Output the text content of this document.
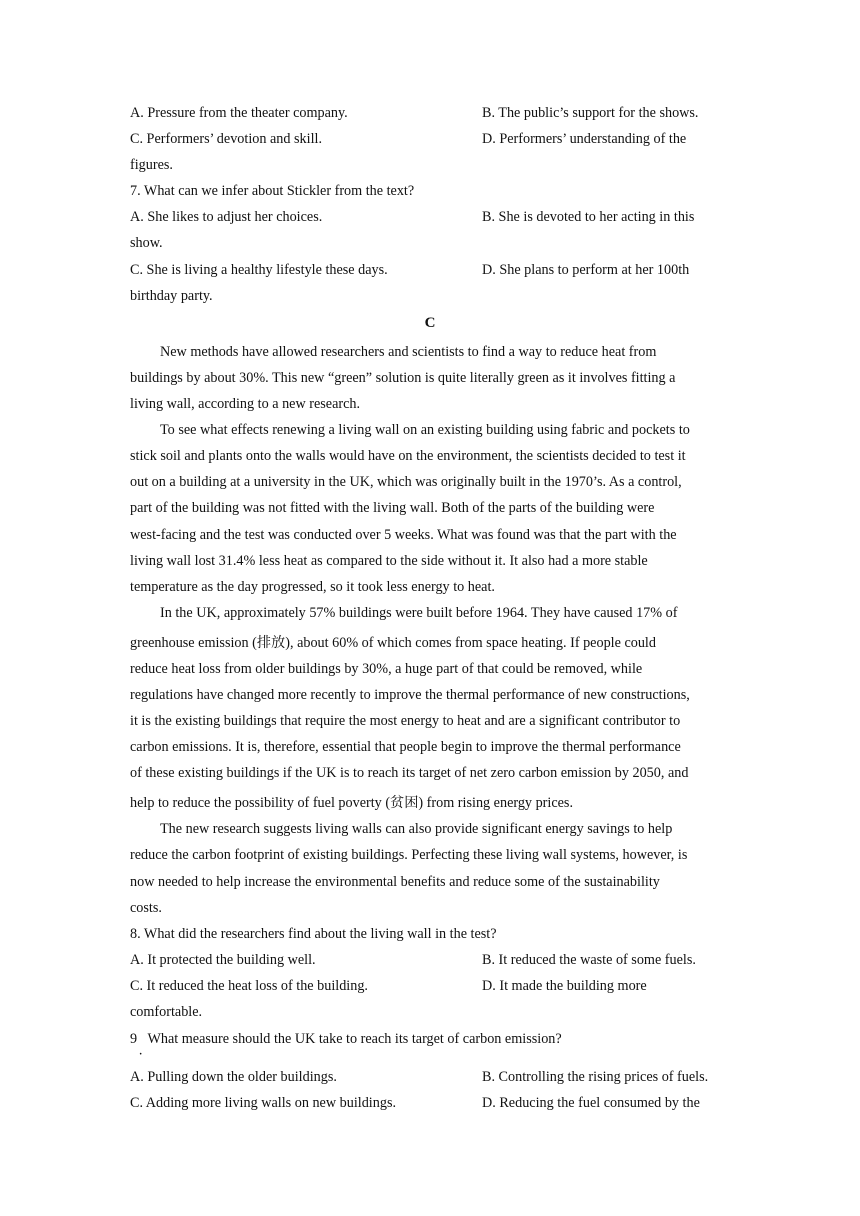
A. Pressure from the theater company.	B. The public’s support for the shows.
C. Performers’ devotion and skill.	D. Performers’ understanding of the
figures.
7. What can we infer about Stickler from the text?
A. She likes to adjust her choices.	B. She is devoted to her acting in this
show.
C. She is living a healthy lifestyle these days.	D. She plans to perform at her 100th
birthday party.
C
New methods have allowed researchers and scientists to find a way to reduce heat from
buildings by about 30%. This new “green” solution is quite literally green as it involves fitting a
living wall, according to a new research.
To see what effects renewing a living wall on an existing building using fabric and pockets to
stick soil and plants onto the walls would have on the environment, the scientists decided to test it
out on a building at a university in the UK, which was originally built in the 1970’s. As a control,
part of the building was not fitted with the living wall. Both of the parts of the building were
west-facing and the test was conducted over 5 weeks. What was found was that the part with the
living wall lost 31.4% less heat as compared to the side without it. It also had a more stable
temperature as the day progressed, so it took less energy to heat.
In the UK, approximately 57% buildings were built before 1964. They have caused 17% of
greenhouse emission (排放), about 60% of which comes from space heating. If people could
reduce heat loss from older buildings by 30%, a huge part of that could be removed, while
regulations have changed more recently to improve the thermal performance of new constructions,
it is the existing buildings that require the most energy to heat and are a significant contributor to
carbon emissions. It is, therefore, essential that people begin to improve the thermal performance
of these existing buildings if the UK is to reach its target of net zero carbon emission by 2050, and
help to reduce the possibility of fuel poverty (贫困) from rising energy prices.
The new research suggests living walls can also provide significant energy savings to help
reduce the carbon footprint of existing buildings. Perfecting these living wall systems, however, is
now needed to help increase the environmental benefits and reduce some of the sustainability
costs.
8. What did the researchers find about the living wall in the test?
A. It protected the building well.	B. It reduced the waste of some fuels.
C. It reduced the heat loss of the building.	D. It made the building more
comfortable.
9   What measure should the UK take to reach its target of carbon emission?
·
A. Pulling down the older buildings.	B. Controlling the rising prices of fuels.
C. Adding more living walls on new buildings.	D. Reducing the fuel consumed by the
